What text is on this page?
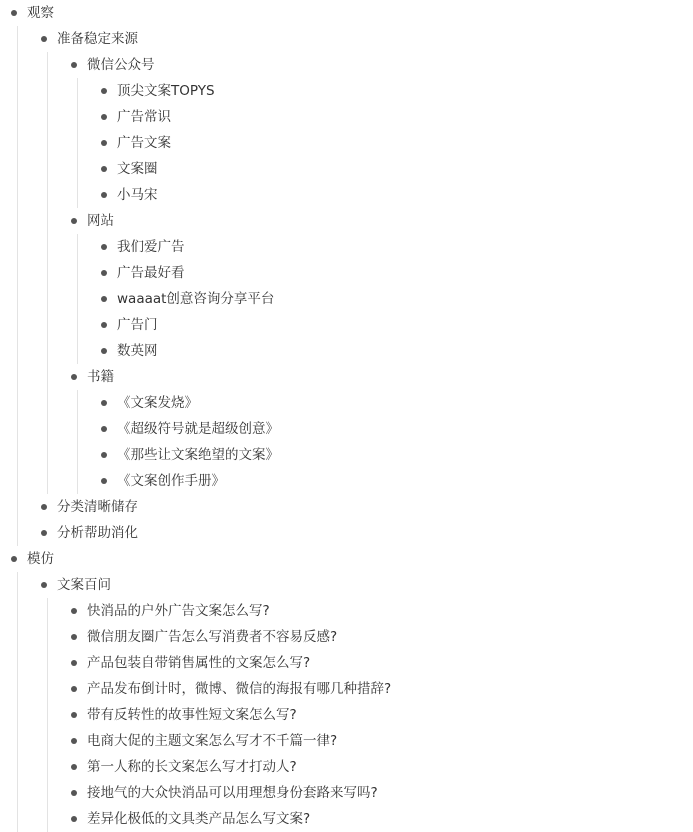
观察
准备稳定来源
微信公众号
顶尖文案TOPYS
广告常识
广告文案
文案圈
小马宋
网站
我们爱广告
广告最好看
waaaat创意咨询分享平台
广告门
数英网
书籍
《文案发烧》
《超级符号就是超级创意》
《那些让文案绝望的文案》
《文案创作手册》
分类清晰储存
分析帮助消化
模仿
文案百问
快消品的户外广告文案怎么写?
微信朋友圈广告怎么写消费者不容易反感?
产品包装自带销售属性的文案怎么写?
产品发布倒计时，微博、微信的海报有哪几种措辞?
带有反转性的故事性短文案怎么写?
电商大促的主题文案怎么写才不千篇一律?
第一人称的长文案怎么写才打动人?
接地气的大众快消品可以用理想身份套路来写吗?
差异化极低的文具类产品怎么写文案?
